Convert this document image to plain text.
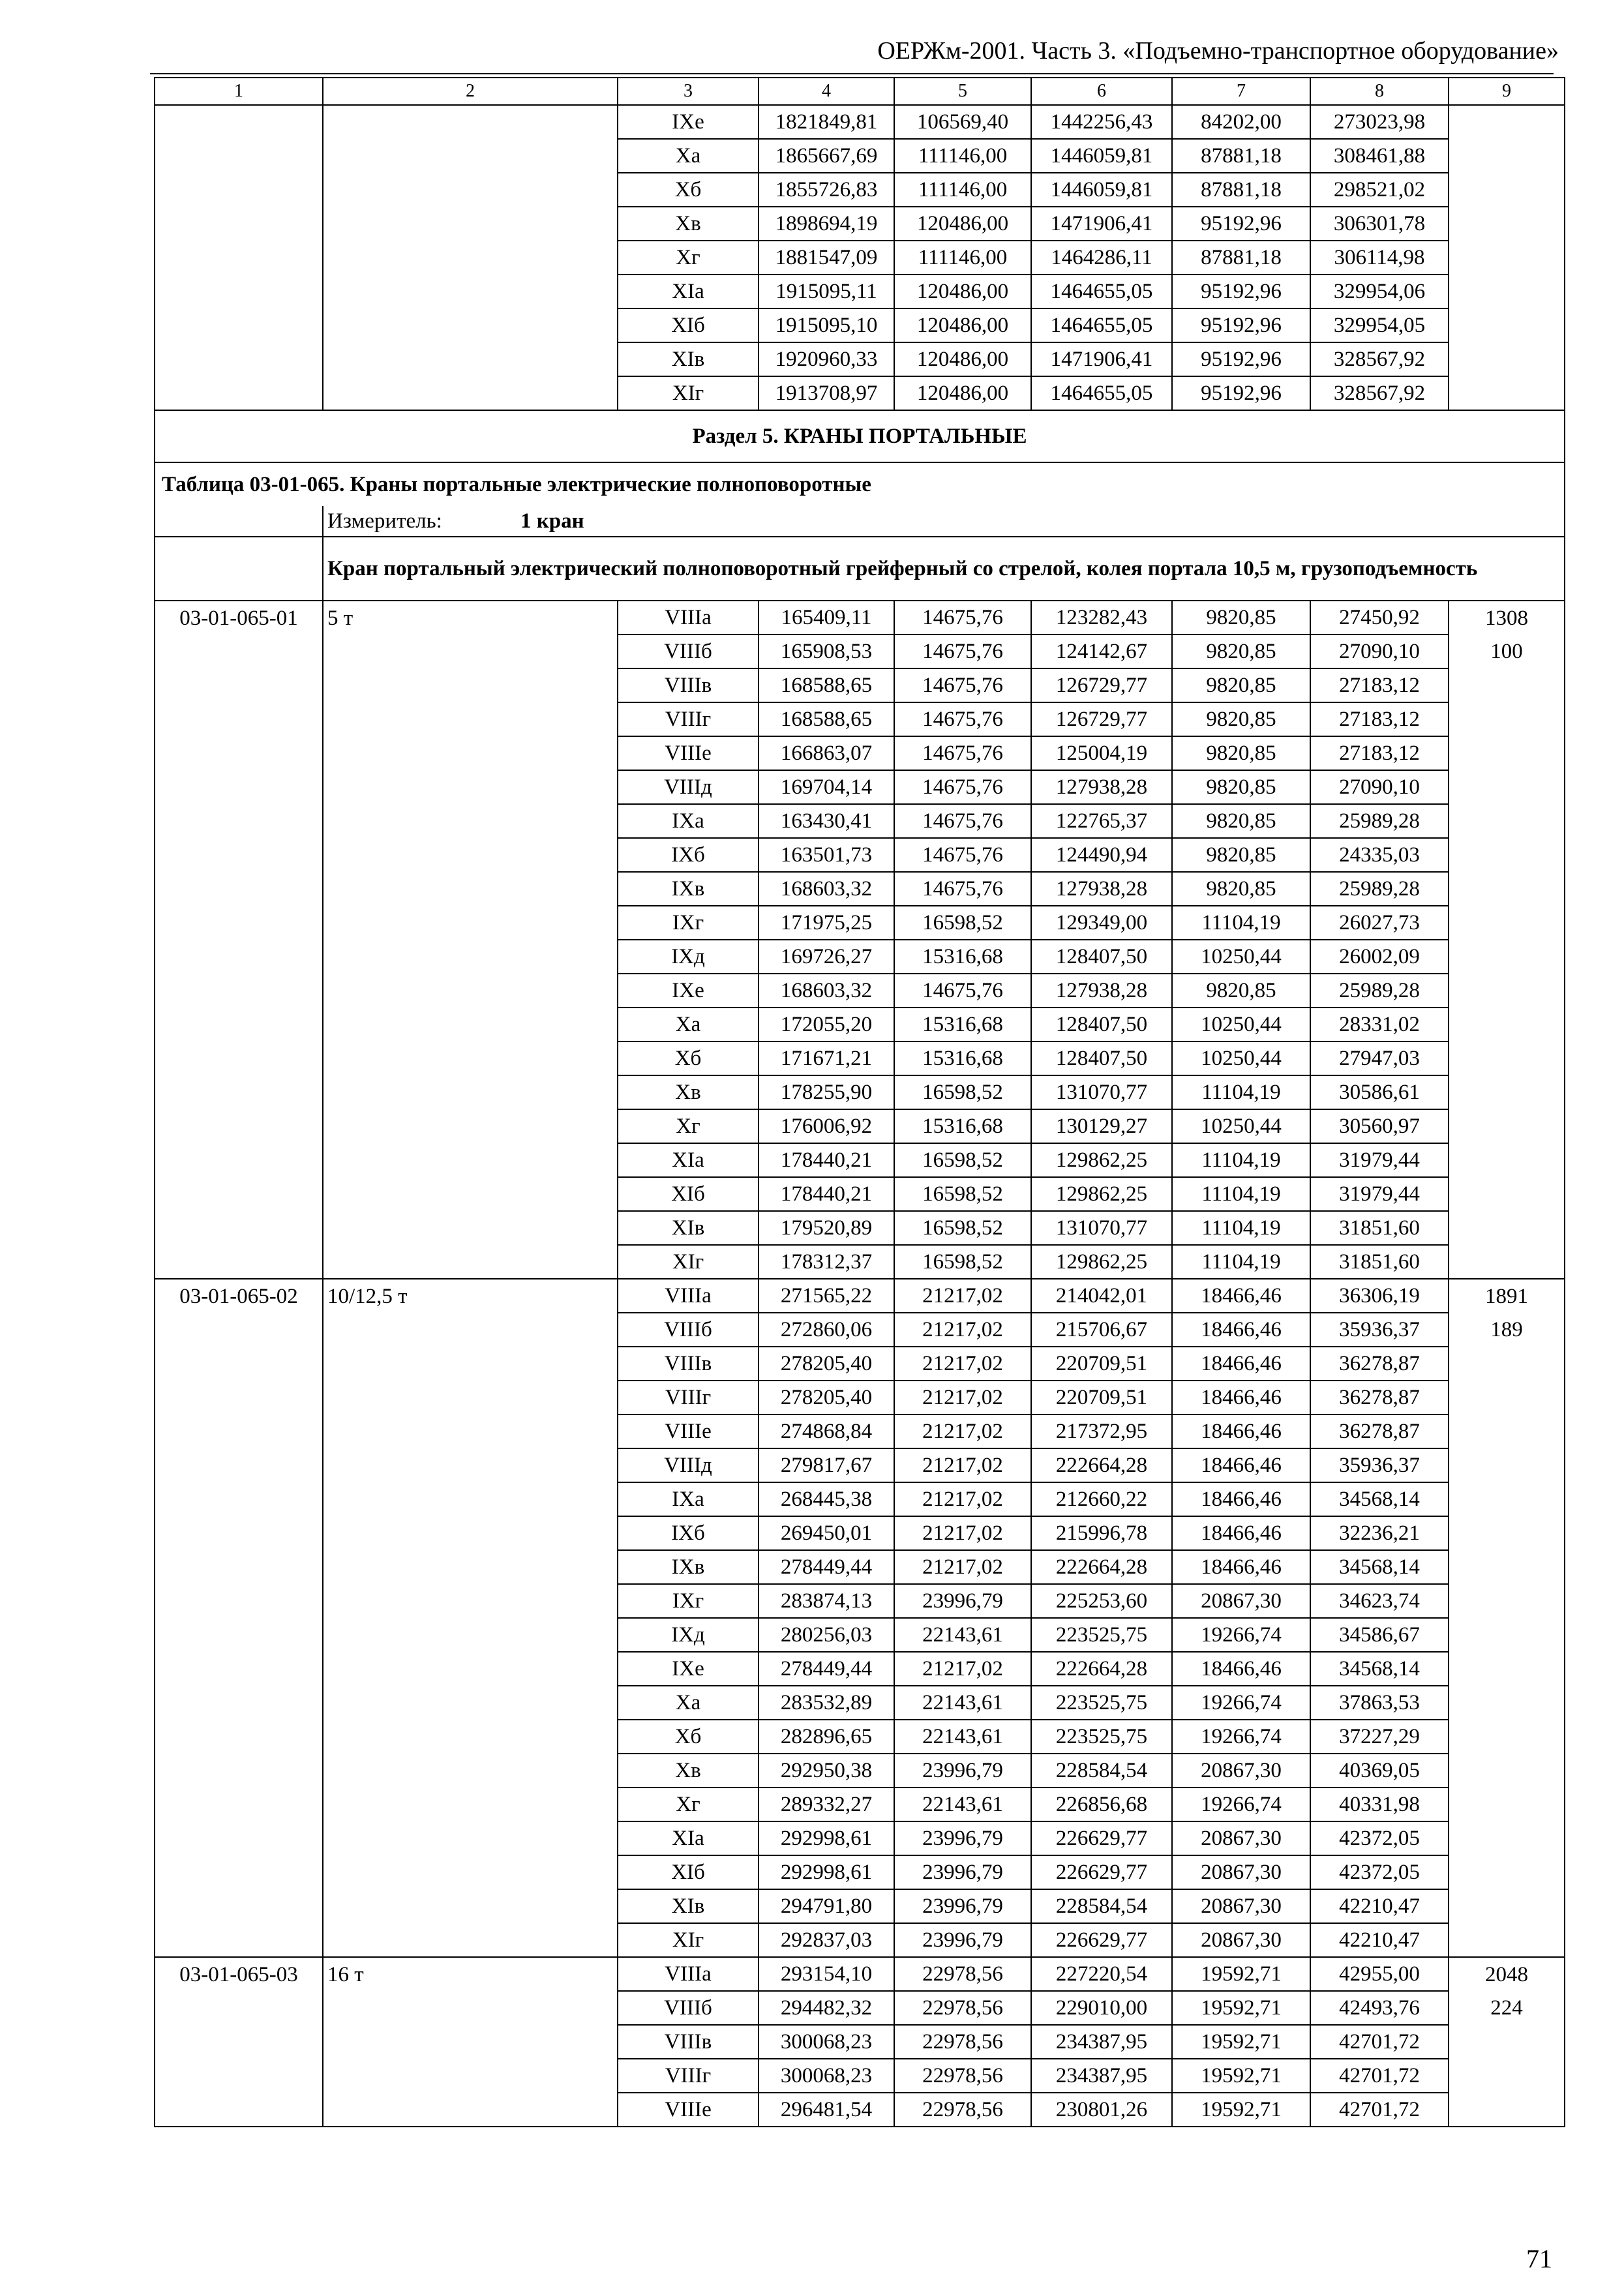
ОЕРЖм-2001. Часть 3. «Подъемно-транспортное оборудование»
1	2	3	4	5	6	7	8	9
		IXе	1821849,81	106569,40	1442256,43	84202,00	273023,98	
		Xа	1865667,69	111146,00	1446059,81	87881,18	308461,88	
		Xб	1855726,83	111146,00	1446059,81	87881,18	298521,02	
		Xв	1898694,19	120486,00	1471906,41	95192,96	306301,78	
		Xг	1881547,09	111146,00	1464286,11	87881,18	306114,98	
		XIа	1915095,11	120486,00	1464655,05	95192,96	329954,06	
		XIб	1915095,10	120486,00	1464655,05	95192,96	329954,05	
		XIв	1920960,33	120486,00	1471906,41	95192,96	328567,92	
		XIг	1913708,97	120486,00	1464655,05	95192,96	328567,92	
Раздел 5. КРАНЫ ПОРТАЛЬНЫЕ								
Таблица 03-01-065. Краны портальные электрические полноповоротные								
	Измеритель: 1 кран							
	Кран портальный электрический полноповоротный грейферный со стрелой, колея портала 10,5 м, грузоподъемность							
03-01-065-01	5 т	VIIIа	165409,11	14675,76	123282,43	9820,85	27450,92	1308
		VIIIб	165908,53	14675,76	124142,67	9820,85	27090,10	100
		VIIIв	168588,65	14675,76	126729,77	9820,85	27183,12	
		VIIIг	168588,65	14675,76	126729,77	9820,85	27183,12	
		VIIIе	166863,07	14675,76	125004,19	9820,85	27183,12	
		VIIIд	169704,14	14675,76	127938,28	9820,85	27090,10	
		IXа	163430,41	14675,76	122765,37	9820,85	25989,28	
		IXб	163501,73	14675,76	124490,94	9820,85	24335,03	
		IXв	168603,32	14675,76	127938,28	9820,85	25989,28	
		IXг	171975,25	16598,52	129349,00	11104,19	26027,73	
		IXд	169726,27	15316,68	128407,50	10250,44	26002,09	
		IXе	168603,32	14675,76	127938,28	9820,85	25989,28	
		Xа	172055,20	15316,68	128407,50	10250,44	28331,02	
		Xб	171671,21	15316,68	128407,50	10250,44	27947,03	
		Xв	178255,90	16598,52	131070,77	11104,19	30586,61	
		Xг	176006,92	15316,68	130129,27	10250,44	30560,97	
		XIа	178440,21	16598,52	129862,25	11104,19	31979,44	
		XIб	178440,21	16598,52	129862,25	11104,19	31979,44	
		XIв	179520,89	16598,52	131070,77	11104,19	31851,60	
		XIг	178312,37	16598,52	129862,25	11104,19	31851,60	
03-01-065-02	10/12,5 т	VIIIа	271565,22	21217,02	214042,01	18466,46	36306,19	1891
		VIIIб	272860,06	21217,02	215706,67	18466,46	35936,37	189
		VIIIв	278205,40	21217,02	220709,51	18466,46	36278,87	
		VIIIг	278205,40	21217,02	220709,51	18466,46	36278,87	
		VIIIе	274868,84	21217,02	217372,95	18466,46	36278,87	
		VIIIд	279817,67	21217,02	222664,28	18466,46	35936,37	
		IXа	268445,38	21217,02	212660,22	18466,46	34568,14	
		IXб	269450,01	21217,02	215996,78	18466,46	32236,21	
		IXв	278449,44	21217,02	222664,28	18466,46	34568,14	
		IXг	283874,13	23996,79	225253,60	20867,30	34623,74	
		IXд	280256,03	22143,61	223525,75	19266,74	34586,67	
		IXе	278449,44	21217,02	222664,28	18466,46	34568,14	
		Xа	283532,89	22143,61	223525,75	19266,74	37863,53	
		Xб	282896,65	22143,61	223525,75	19266,74	37227,29	
		Xв	292950,38	23996,79	228584,54	20867,30	40369,05	
		Xг	289332,27	22143,61	226856,68	19266,74	40331,98	
		XIа	292998,61	23996,79	226629,77	20867,30	42372,05	
		XIб	292998,61	23996,79	226629,77	20867,30	42372,05	
		XIв	294791,80	23996,79	228584,54	20867,30	42210,47	
		XIг	292837,03	23996,79	226629,77	20867,30	42210,47	
03-01-065-03	16 т	VIIIа	293154,10	22978,56	227220,54	19592,71	42955,00	2048
		VIIIб	294482,32	22978,56	229010,00	19592,71	42493,76	224
		VIIIв	300068,23	22978,56	234387,95	19592,71	42701,72	
		VIIIг	300068,23	22978,56	234387,95	19592,71	42701,72	
		VIIIе	296481,54	22978,56	230801,26	19592,71	42701,72	
71
